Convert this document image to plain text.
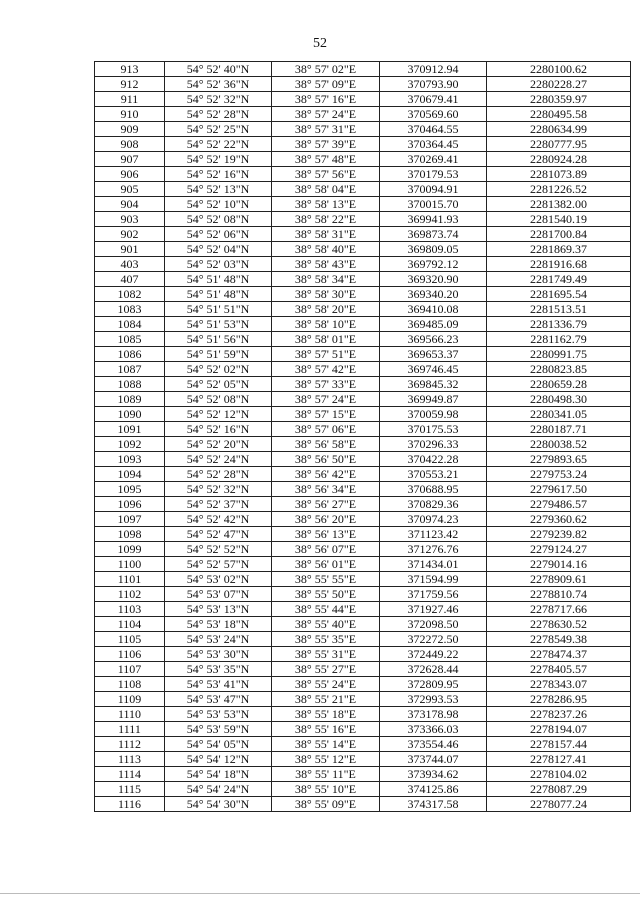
52
913	54° 52' 40"N	38° 57' 02"E	370912.94	2280100.62
912	54° 52' 36"N	38° 57' 09"E	370793.90	2280228.27
911	54° 52' 32"N	38° 57' 16"E	370679.41	2280359.97
910	54° 52' 28"N	38° 57' 24"E	370569.60	2280495.58
909	54° 52' 25"N	38° 57' 31"E	370464.55	2280634.99
908	54° 52' 22"N	38° 57' 39"E	370364.45	2280777.95
907	54° 52' 19"N	38° 57' 48"E	370269.41	2280924.28
906	54° 52' 16"N	38° 57' 56"E	370179.53	2281073.89
905	54° 52' 13"N	38° 58' 04"E	370094.91	2281226.52
904	54° 52' 10"N	38° 58' 13"E	370015.70	2281382.00
903	54° 52' 08"N	38° 58' 22"E	369941.93	2281540.19
902	54° 52' 06"N	38° 58' 31"E	369873.74	2281700.84
901	54° 52' 04"N	38° 58' 40"E	369809.05	2281869.37
403	54° 52' 03"N	38° 58' 43"E	369792.12	2281916.68
407	54° 51' 48"N	38° 58' 34"E	369320.90	2281749.49
1082	54° 51' 48"N	38° 58' 30"E	369340.20	2281695.54
1083	54° 51' 51"N	38° 58' 20"E	369410.08	2281513.51
1084	54° 51' 53"N	38° 58' 10"E	369485.09	2281336.79
1085	54° 51' 56"N	38° 58' 01"E	369566.23	2281162.79
1086	54° 51' 59"N	38° 57' 51"E	369653.37	2280991.75
1087	54° 52' 02"N	38° 57' 42"E	369746.45	2280823.85
1088	54° 52' 05"N	38° 57' 33"E	369845.32	2280659.28
1089	54° 52' 08"N	38° 57' 24"E	369949.87	2280498.30
1090	54° 52' 12"N	38° 57' 15"E	370059.98	2280341.05
1091	54° 52' 16"N	38° 57' 06"E	370175.53	2280187.71
1092	54° 52' 20"N	38° 56' 58"E	370296.33	2280038.52
1093	54° 52' 24"N	38° 56' 50"E	370422.28	2279893.65
1094	54° 52' 28"N	38° 56' 42"E	370553.21	2279753.24
1095	54° 52' 32"N	38° 56' 34"E	370688.95	2279617.50
1096	54° 52' 37"N	38° 56' 27"E	370829.36	2279486.57
1097	54° 52' 42"N	38° 56' 20"E	370974.23	2279360.62
1098	54° 52' 47"N	38° 56' 13"E	371123.42	2279239.82
1099	54° 52' 52"N	38° 56' 07"E	371276.76	2279124.27
1100	54° 52' 57"N	38° 56' 01"E	371434.01	2279014.16
1101	54° 53' 02"N	38° 55' 55"E	371594.99	2278909.61
1102	54° 53' 07"N	38° 55' 50"E	371759.56	2278810.74
1103	54° 53' 13"N	38° 55' 44"E	371927.46	2278717.66
1104	54° 53' 18"N	38° 55' 40"E	372098.50	2278630.52
1105	54° 53' 24"N	38° 55' 35"E	372272.50	2278549.38
1106	54° 53' 30"N	38° 55' 31"E	372449.22	2278474.37
1107	54° 53' 35"N	38° 55' 27"E	372628.44	2278405.57
1108	54° 53' 41"N	38° 55' 24"E	372809.95	2278343.07
1109	54° 53' 47"N	38° 55' 21"E	372993.53	2278286.95
1110	54° 53' 53"N	38° 55' 18"E	373178.98	2278237.26
1111	54° 53' 59"N	38° 55' 16"E	373366.03	2278194.07
1112	54° 54' 05"N	38° 55' 14"E	373554.46	2278157.44
1113	54° 54' 12"N	38° 55' 12"E	373744.07	2278127.41
1114	54° 54' 18"N	38° 55' 11"E	373934.62	2278104.02
1115	54° 54' 24"N	38° 55' 10"E	374125.86	2278087.29
1116	54° 54' 30"N	38° 55' 09"E	374317.58	2278077.24
